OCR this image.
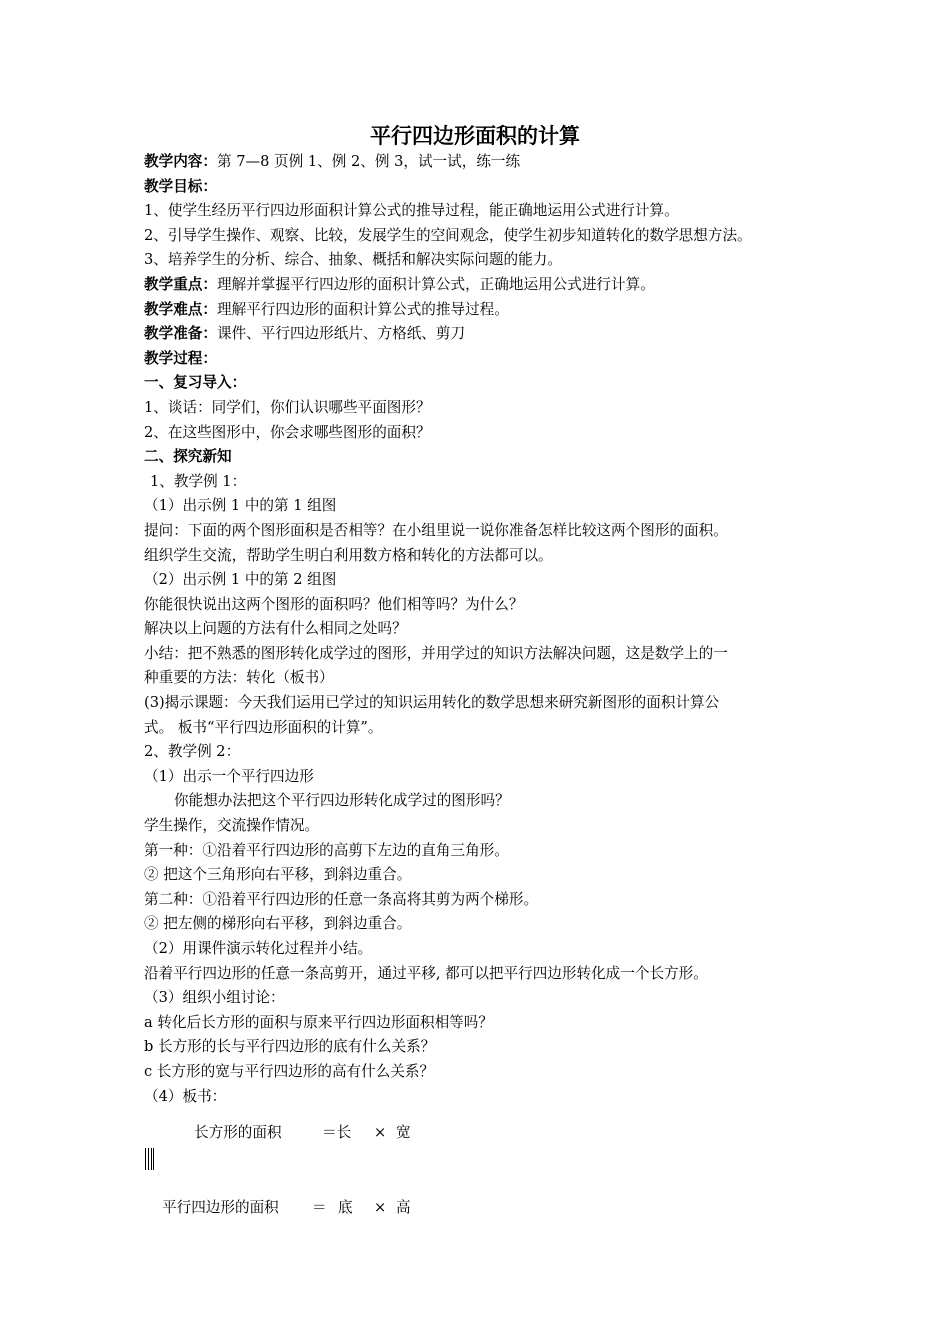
平行四边形面积的计算
教学内容：第 7—8 页例 1、例 2、例 3，试一试，练一练
教学目标：
1、使学生经历平行四边形面积计算公式的推导过程，能正确地运用公式进行计算。
2、引导学生操作、观察、比较，发展学生的空间观念，使学生初步知道转化的数学思想方法。
3、培养学生的分析、综合、抽象、概括和解决实际问题的能力。
教学重点：理解并掌握平行四边形的面积计算公式，正确地运用公式进行计算。
教学难点：理解平行四边形的面积计算公式的推导过程。
教学准备：课件、平行四边形纸片、方格纸、剪刀
教学过程：
一、复习导入：
1、谈话：同学们，你们认识哪些平面图形？
2、在这些图形中，你会求哪些图形的面积？
二、探究新知
1、教学例 1：
（1）出示例 1 中的第 1 组图
提问：下面的两个图形面积是否相等？在小组里说一说你准备怎样比较这两个图形的面积。
组织学生交流，帮助学生明白利用数方格和转化的方法都可以。
（2）出示例 1 中的第 2 组图
你能很快说出这两个图形的面积吗？他们相等吗？为什么？
解决以上问题的方法有什么相同之处吗？
小结：把不熟悉的图形转化成学过的图形，并用学过的知识方法解决问题，这是数学上的一
种重要的方法：转化（板书）
(3)揭示课题：今天我们运用已学过的知识运用转化的数学思想来研究新图形的面积计算公
式。 板书“平行四边形面积的计算”。
2、教学例 2：
（1）出示一个平行四边形
你能想办法把这个平行四边形转化成学过的图形吗？
学生操作，交流操作情况。
第一种：①沿着平行四边形的高剪下左边的直角三角形。
② 把这个三角形向右平移，到斜边重合。
第二种：①沿着平行四边形的任意一条高将其剪为两个梯形。
② 把左侧的梯形向右平移，到斜边重合。
（2）用课件演示转化过程并小结。
沿着平行四边形的任意一条高剪开，通过平移, 都可以把平行四边形转化成一个长方形。
（3）组织小组讨论：
a 转化后长方形的面积与原来平行四边形面积相等吗？
b 长方形的长与平行四边形的底有什么关系？
c 长方形的宽与平行四边形的高有什么关系？
（4）板书：
长方形的面积	＝长 × 宽
平行四边形的面积 ＝ 底 × 高
